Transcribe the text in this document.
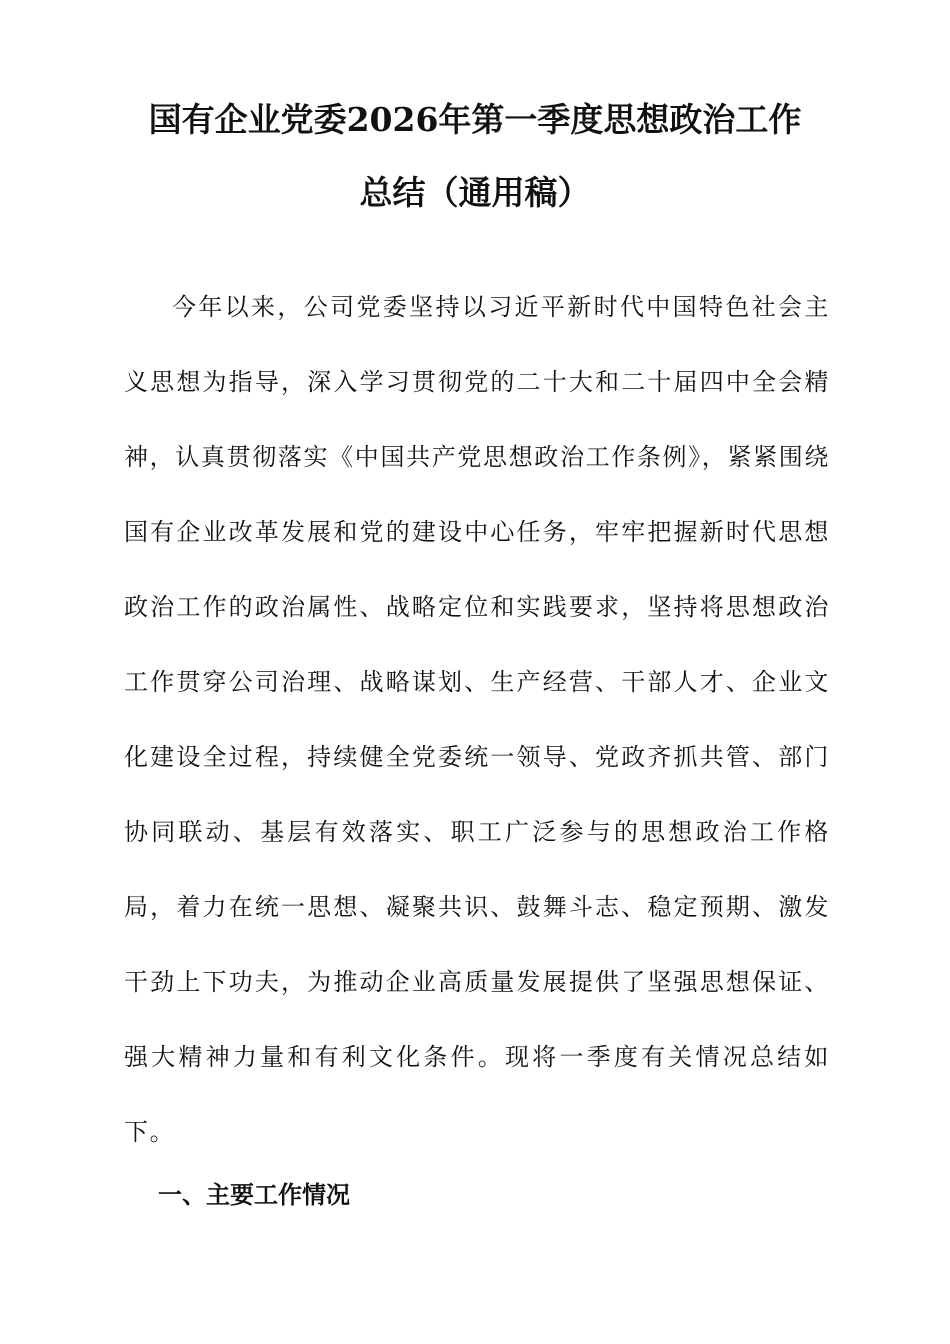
国有企业党委2026年第一季度思想政治工作
总结（通用稿）

今年以来，公司党委坚持以习近平新时代中国特色社会主义思想为指导，深入学习贯彻党的二十大和二十届四中全会精神，认真贯彻落实《中国共产党思想政治工作条例》，紧紧围绕国有企业改革发展和党的建设中心任务，牢牢把握新时代思想政治工作的政治属性、战略定位和实践要求，坚持将思想政治工作贯穿公司治理、战略谋划、生产经营、干部人才、企业文化建设全过程，持续健全党委统一领导、党政齐抓共管、部门协同联动、基层有效落实、职工广泛参与的思想政治工作格局，着力在统一思想、凝聚共识、鼓舞斗志、稳定预期、激发干劲上下功夫，为推动企业高质量发展提供了坚强思想保证、强大精神力量和有利文化条件。现将一季度有关情况总结如下。

一、主要工作情况
